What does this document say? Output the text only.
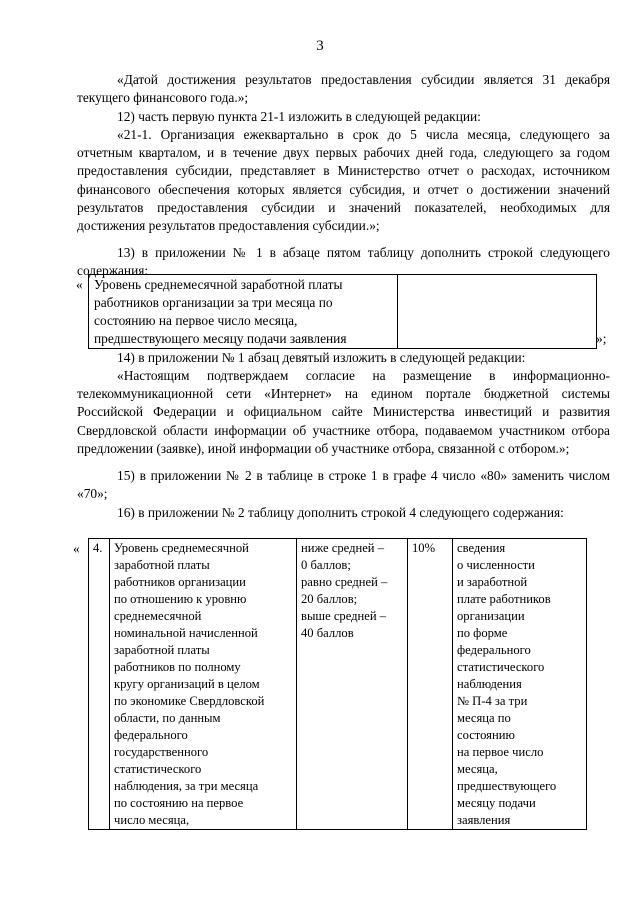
3

«Датой достижения результатов предоставления субсидии является 31 декабря текущего финансового года.»;

12) часть первую пункта 21-1 изложить в следующей редакции:

«21-1. Организация ежеквартально в срок до 5 числа месяца, следующего за отчетным кварталом, и в течение двух первых рабочих дней года, следующего за годом предоставления субсидии, представляет в Министерство отчет о расходах, источником финансового обеспечения которых является субсидия, и отчет о достижении значений результатов предоставления субсидии и значений показателей, необходимых для достижения результатов предоставления субсидии.»;

13) в приложении № 1 в абзаце пятом таблицу дополнить строкой следующего содержания:

« Уровень среднемесячной заработной платы работников организации за три месяца по состоянию на первое число месяца, предшествующего месяцу подачи заявления		»;

14) в приложении № 1 абзац девятый изложить в следующей редакции:

«Настоящим подтверждаем согласие на размещение в информационно-телекоммуникационной сети «Интернет» на едином портале бюджетной системы Российской Федерации и официальном сайте Министерства инвестиций и развития Свердловской области информации об участнике отбора, подаваемом участником отбора предложении (заявке), иной информации об участнике отбора, связанной с отбором.»;

15) в приложении № 2 в таблице в строке 1 в графе 4 число «80» заменить числом «70»;

16) в приложении № 2 таблицу дополнить строкой 4 следующего содержания:

« 4.	Уровень среднемесячной
заработной платы
работников организации
по отношению к уровню
среднемесячной
номинальной начисленной
заработной платы
работников по полному
кругу организаций в целом
по экономике Свердловской
области, по данным
федерального
государственного
статистического
наблюдения, за три месяца
по состоянию на первое
число месяца,	ниже средней –
0 баллов;
равно средней –
20 баллов;
выше средней –
40 баллов	10%	сведения
о численности
и заработной
плате работников
организации
по форме
федерального
статистического
наблюдения
№ П-4 за три
месяца по
состоянию
на первое число
месяца,
предшествующего
месяцу подачи
заявления
